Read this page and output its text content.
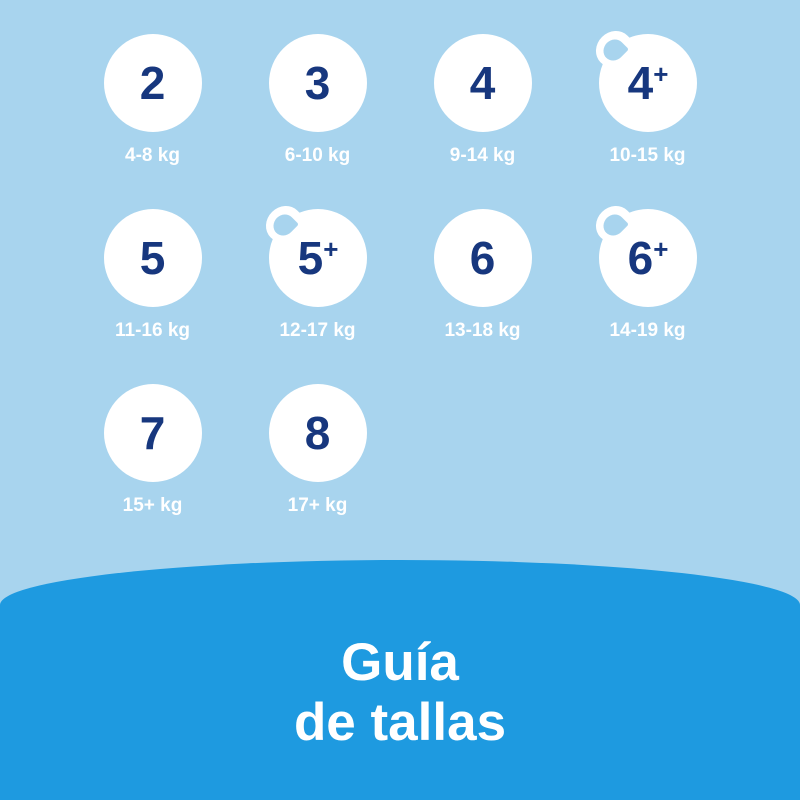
2
4-8 kg
3
6-10 kg
4
9-14 kg
4+
10-15 kg
5
11-16 kg
5+
12-17 kg
6
13-18 kg
6+
14-19 kg
7
15+ kg
8
17+ kg
Guía
de tallas
